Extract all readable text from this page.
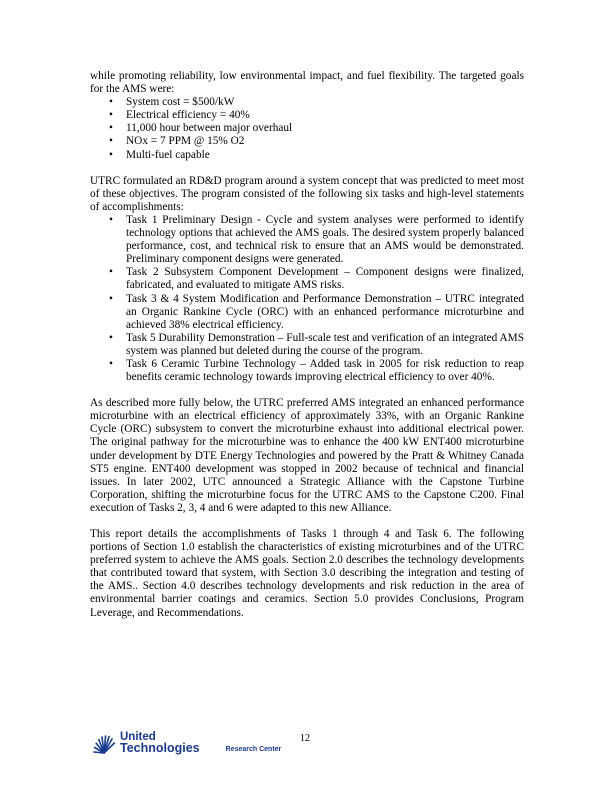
while promoting reliability, low environmental impact, and fuel flexibility. The targeted goals for the AMS were:

• System cost = $500/kW
• Electrical efficiency = 40%
• 11,000 hour between major overhaul
• NOx = 7 PPM @ 15% O2
• Multi-fuel capable

UTRC formulated an RD&D program around a system concept that was predicted to meet most of these objectives. The program consisted of the following six tasks and high-level statements of accomplishments:

• Task 1 Preliminary Design - Cycle and system analyses were performed to identify technology options that achieved the AMS goals. The desired system properly balanced performance, cost, and technical risk to ensure that an AMS would be demonstrated. Preliminary component designs were generated.
• Task 2 Subsystem Component Development – Component designs were finalized, fabricated, and evaluated to mitigate AMS risks.
• Task 3 & 4 System Modification and Performance Demonstration – UTRC integrated an Organic Rankine Cycle (ORC) with an enhanced performance microturbine and achieved 38% electrical efficiency.
• Task 5 Durability Demonstration – Full-scale test and verification of an integrated AMS system was planned but deleted during the course of the program.
• Task 6 Ceramic Turbine Technology – Added task in 2005 for risk reduction to reap benefits ceramic technology towards improving electrical efficiency to over 40%.

As described more fully below, the UTRC preferred AMS integrated an enhanced performance microturbine with an electrical efficiency of approximately 33%, with an Organic Rankine Cycle (ORC) subsystem to convert the microturbine exhaust into additional electrical power. The original pathway for the microturbine was to enhance the 400 kW ENT400 microturbine under development by DTE Energy Technologies and powered by the Pratt & Whitney Canada ST5 engine. ENT400 development was stopped in 2002 because of technical and financial issues. In later 2002, UTC announced a Strategic Alliance with the Capstone Turbine Corporation, shifting the microturbine focus for the UTRC AMS to the Capstone C200. Final execution of Tasks 2, 3, 4 and 6 were adapted to this new Alliance.

This report details the accomplishments of Tasks 1 through 4 and Task 6. The following portions of Section 1.0 establish the characteristics of existing microturbines and of the UTRC preferred system to achieve the AMS goals. Section 2.0 describes the technology developments that contributed toward that system, with Section 3.0 describing the integration and testing of the AMS.. Section 4.0 describes technology developments and risk reduction in the area of environmental barrier coatings and ceramics. Section 5.0 provides Conclusions, Program Leverage, and Recommendations.

United
Technologies	Research Center
12
